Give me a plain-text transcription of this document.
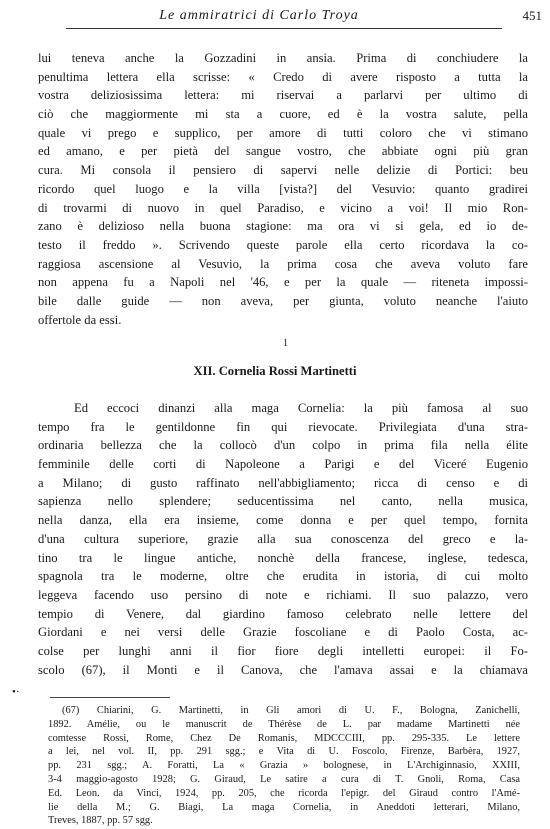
Le ammiratrici di Carlo Troya	451
lui teneva anche la Gozzadini in ansia. Prima di conchiudere la
penultima lettera ella scrisse: « Credo di avere risposto a tutta la
vostra deliziosissima lettera: mi riservai a parlarvi per ultimo di
ciò che maggiormente mi sta a cuore, ed è la vostra salute, pella
quale vi prego e supplico, per amore di tutti coloro che vi stimano
ed amano, e per pietà del sangue vostro, che abbiate ogni più gran
cura. Mi consola il pensiero di sapervi nelle delizie di Portici: beu
ricordo quel luogo e la villa [vista?] del Vesuvio: quanto gradirei
di trovarmi di nuovo in quel Paradiso, e vicino a voi! Il mio Ron-
zano è delizioso nella buona stagione: ma ora vi si gela, ed io de-
testo il freddo ». Scrivendo queste parole ella certo ricordava la co-
raggiosa ascensione al Vesuvio, la prima cosa che aveva voluto fare
non appena fu a Napoli nel '46, e per la quale — riteneta impossi-
bile dalle guide — non aveva, per giunta, voluto neanche l'aiuto
offertole da essi.
1
XII. Cornelia Rossi Martinetti
Ed eccoci dinanzi alla maga Cornelia: la più famosa al suo
tempo fra le gentildonne fin qui rievocate. Privilegiata d'una stra-
ordinaria bellezza che la collocò d'un colpo in prima fila nella élite
femminile delle corti di Napoleone a Parigi e del Viceré Eugenio
a Milano; di gusto raffinato nell'abbigliamento; ricca di censo e di
sapienza nello splendere; seducentissima nel canto, nella musica,
nella danza, ella era insieme, come donna e per quel tempo, fornita
d'una cultura superiore, grazie alla sua conoscenza del greco e la-
tino tra le lingue antiche, nonchè della francese, inglese, tedesca,
spagnola tra le moderne, oltre che erudita in istoria, di cui molto
leggeva facendo uso persino di note e richiami. Il suo palazzo, vero
tempio di Venere, dal giardino famoso celebrato nelle lettere del
Giordani e nei versi delle Grazie foscoliane e di Paolo Costa, ac-
colse per lunghi anni il fior fiore degli intelletti europei: il Fo-
scolo (67), il Monti e il Canova, che l'amava assai e la chiamava
•·
(67) Chiarini, G. Martinetti, in Gli amori di U. F., Bologna, Zanichelli,
1892. Amélie, ou le manuscrit de Thérèse de L. par madame Martinetti née
comtesse Rossi, Rome, Chez De Romanis, MDCCCIII, pp. 295-335. Le lettere
a lei, nel vol. II, pp. 291 sgg.; e Vita di U. Foscolo, Firenze, Barbèra, 1927,
pp. 231 sgg.; A. Foratti, La « Grazia » bolognese, in L'Archiginnasio, XXIII,
3-4 maggio-agosto 1928; G. Giraud, Le satire a cura di T. Gnoli, Roma, Casa
Ed. Leon. da Vinci, 1924, pp. 205, che ricorda l'epigr. del Giraud contro l'Amé-
lie della M.; G. Biagi, La maga Cornelia, in Aneddoti letterari, Milano,
Treves, 1887, pp. 57 sgg.
